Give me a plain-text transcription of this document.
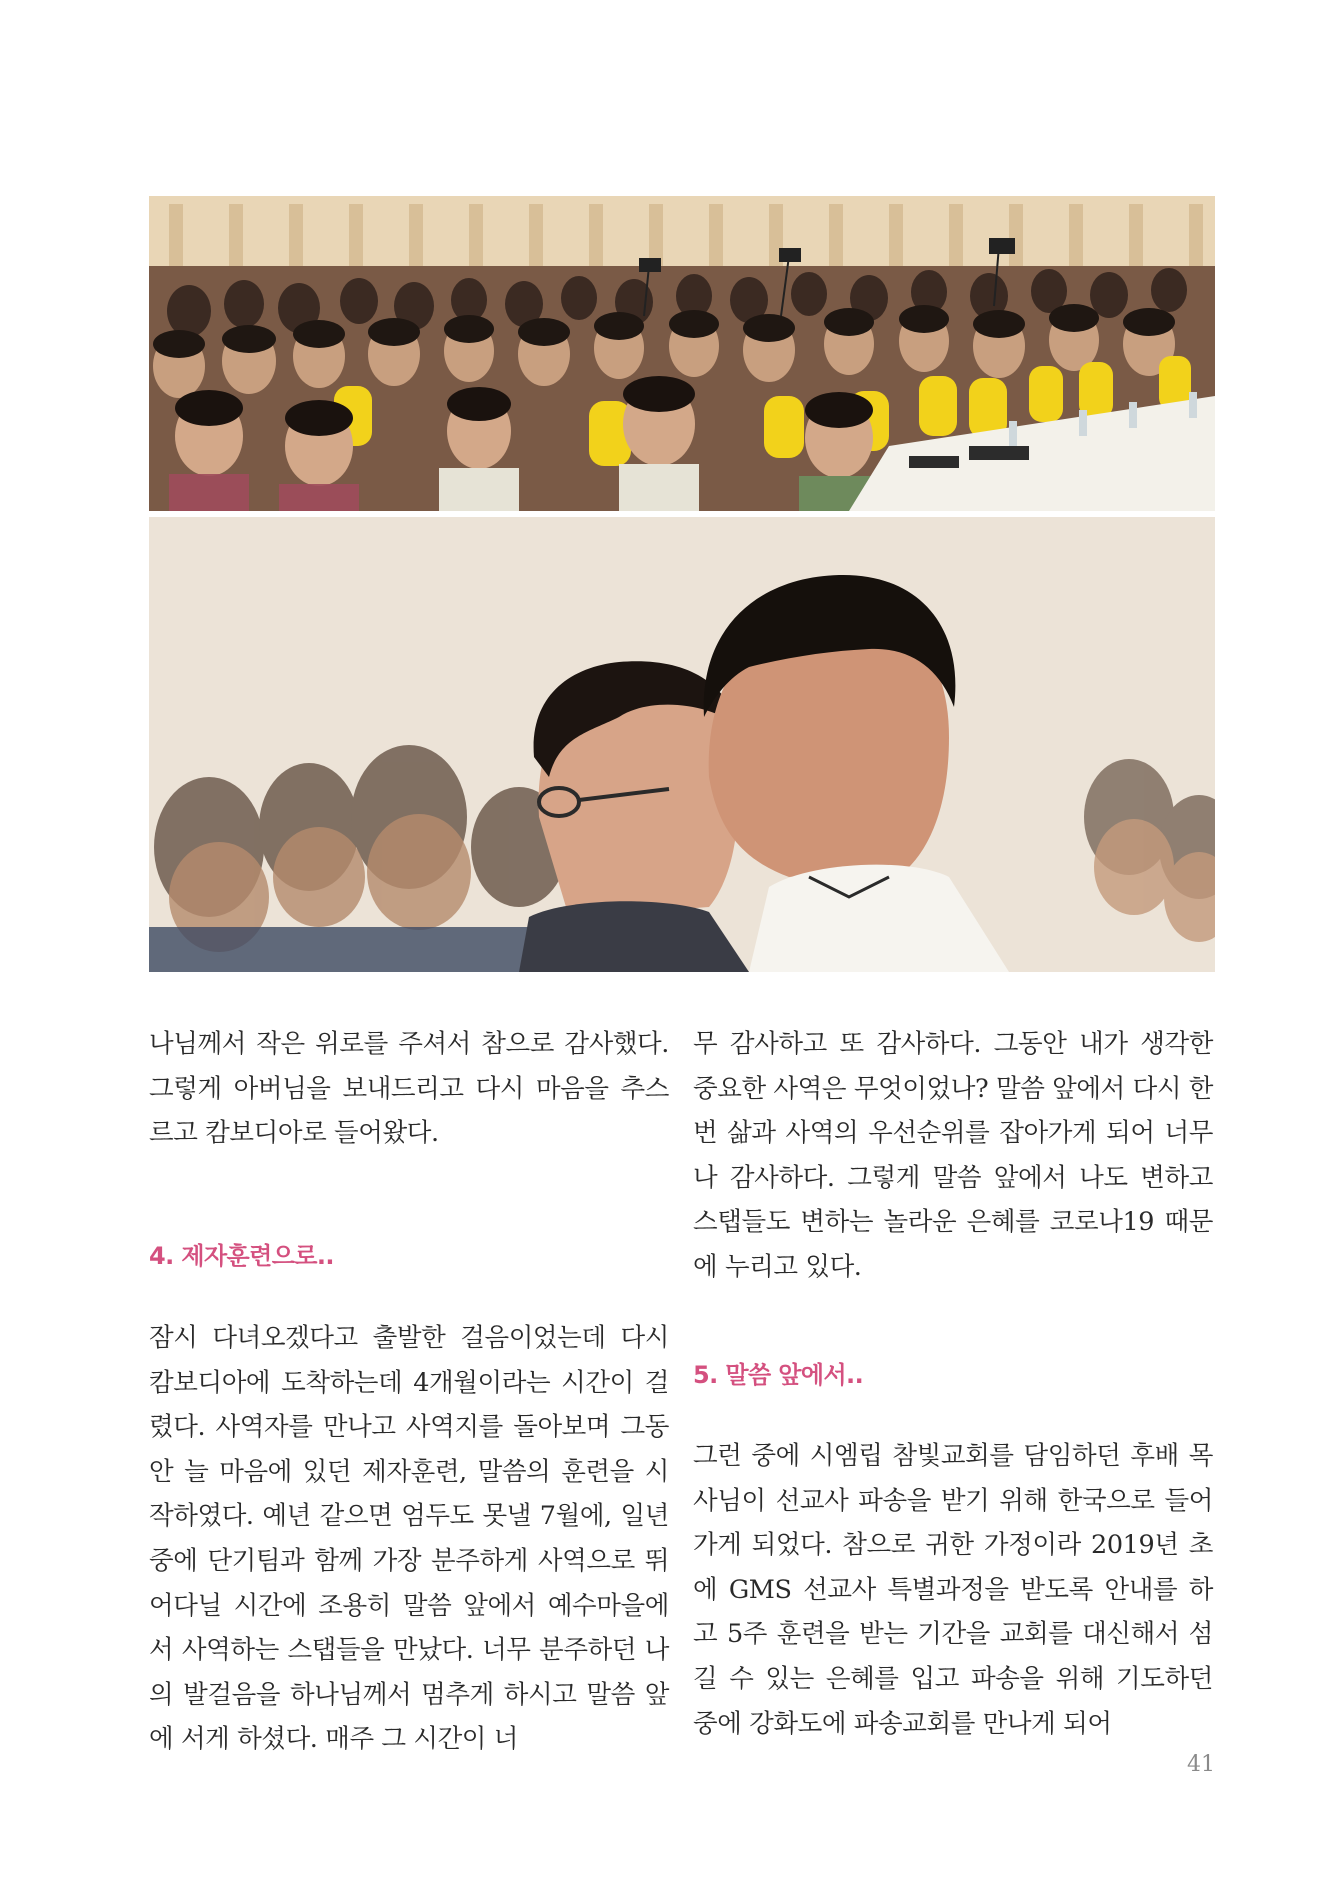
나님께서 작은 위로를 주셔서 참으로 감사했다. 그렇게 아버님을 보내드리고 다시 마음을 추스르고 캄보디아로 들어왔다.

4. 제자훈련으로..

잠시 다녀오겠다고 출발한 걸음이었는데 다시 캄보디아에 도착하는데 4개월이라는 시간이 걸렸다. 사역자를 만나고 사역지를 돌아보며 그동안 늘 마음에 있던 제자훈련, 말씀의 훈련을 시작하였다. 예년 같으면 엄두도 못낼 7월에, 일년 중에 단기팀과 함께 가장 분주하게 사역으로 뛰어다닐 시간에 조용히 말씀 앞에서 예수마을에서 사역하는 스탭들을 만났다. 너무 분주하던 나의 발걸음을 하나님께서 멈추게 하시고 말씀 앞에 서게 하셨다. 매주 그 시간이 너

무 감사하고 또 감사하다. 그동안 내가 생각한 중요한 사역은 무엇이었나? 말씀 앞에서 다시 한번 삶과 사역의 우선순위를 잡아가게 되어 너무나 감사하다. 그렇게 말씀 앞에서 나도 변하고 스탭들도 변하는 놀라운 은혜를 코로나19 때문에 누리고 있다.

5. 말씀 앞에서..

그런 중에 시엠립 참빛교회를 담임하던 후배 목사님이 선교사 파송을 받기 위해 한국으로 들어가게 되었다. 참으로 귀한 가정이라 2019년 초에 GMS 선교사 특별과정을 받도록 안내를 하고 5주 훈련을 받는 기간을 교회를 대신해서 섬길 수 있는 은혜를 입고 파송을 위해 기도하던 중에 강화도에 파송교회를 만나게 되어

41
